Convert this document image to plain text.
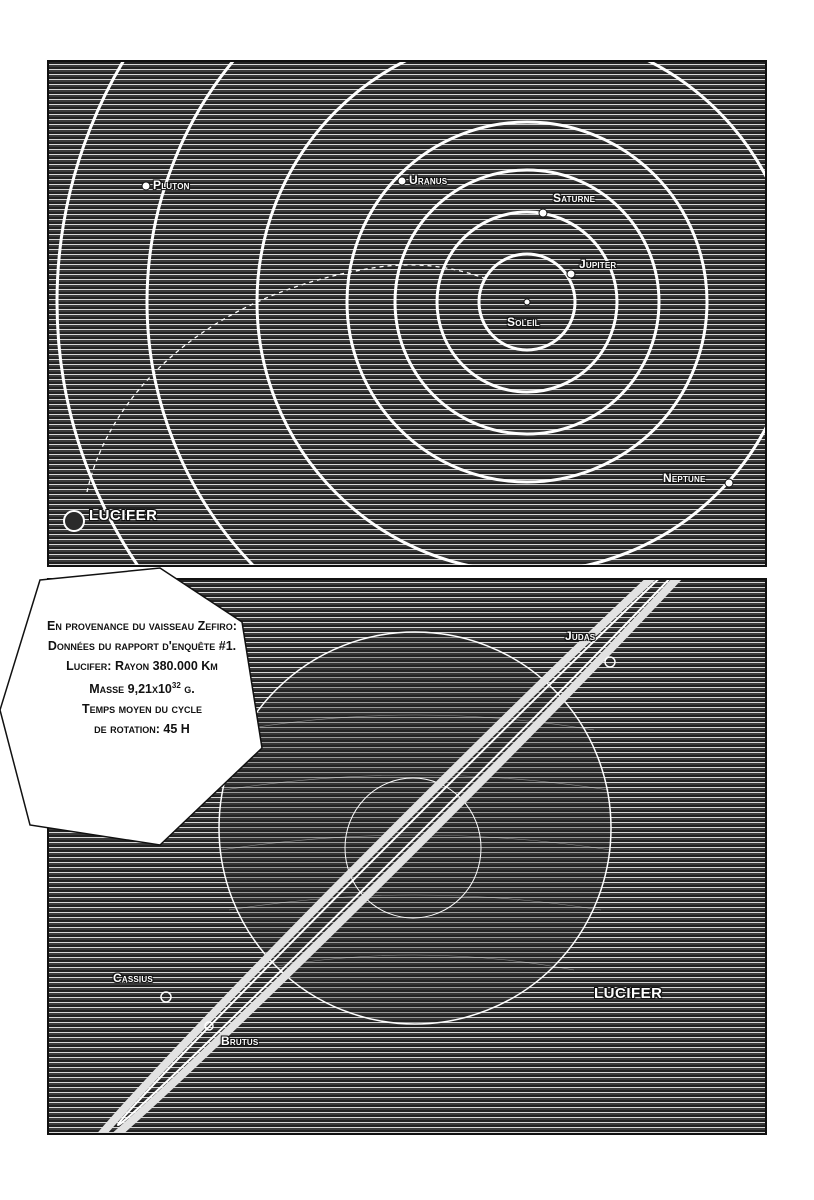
Pluton	Uranus
Saturne
Jupiter
Soleil
Neptune
LUCIFER
Judas
Cassius
Brutus
LUCIFER
En provenance du vaisseau Zefiro:
Données du rapport d'enquête #1.
Lucifer: Rayon 380.000 Km
Masse $9,21x10^{32}$ g.
Temps moyen du cycle
de rotation: 45 H
